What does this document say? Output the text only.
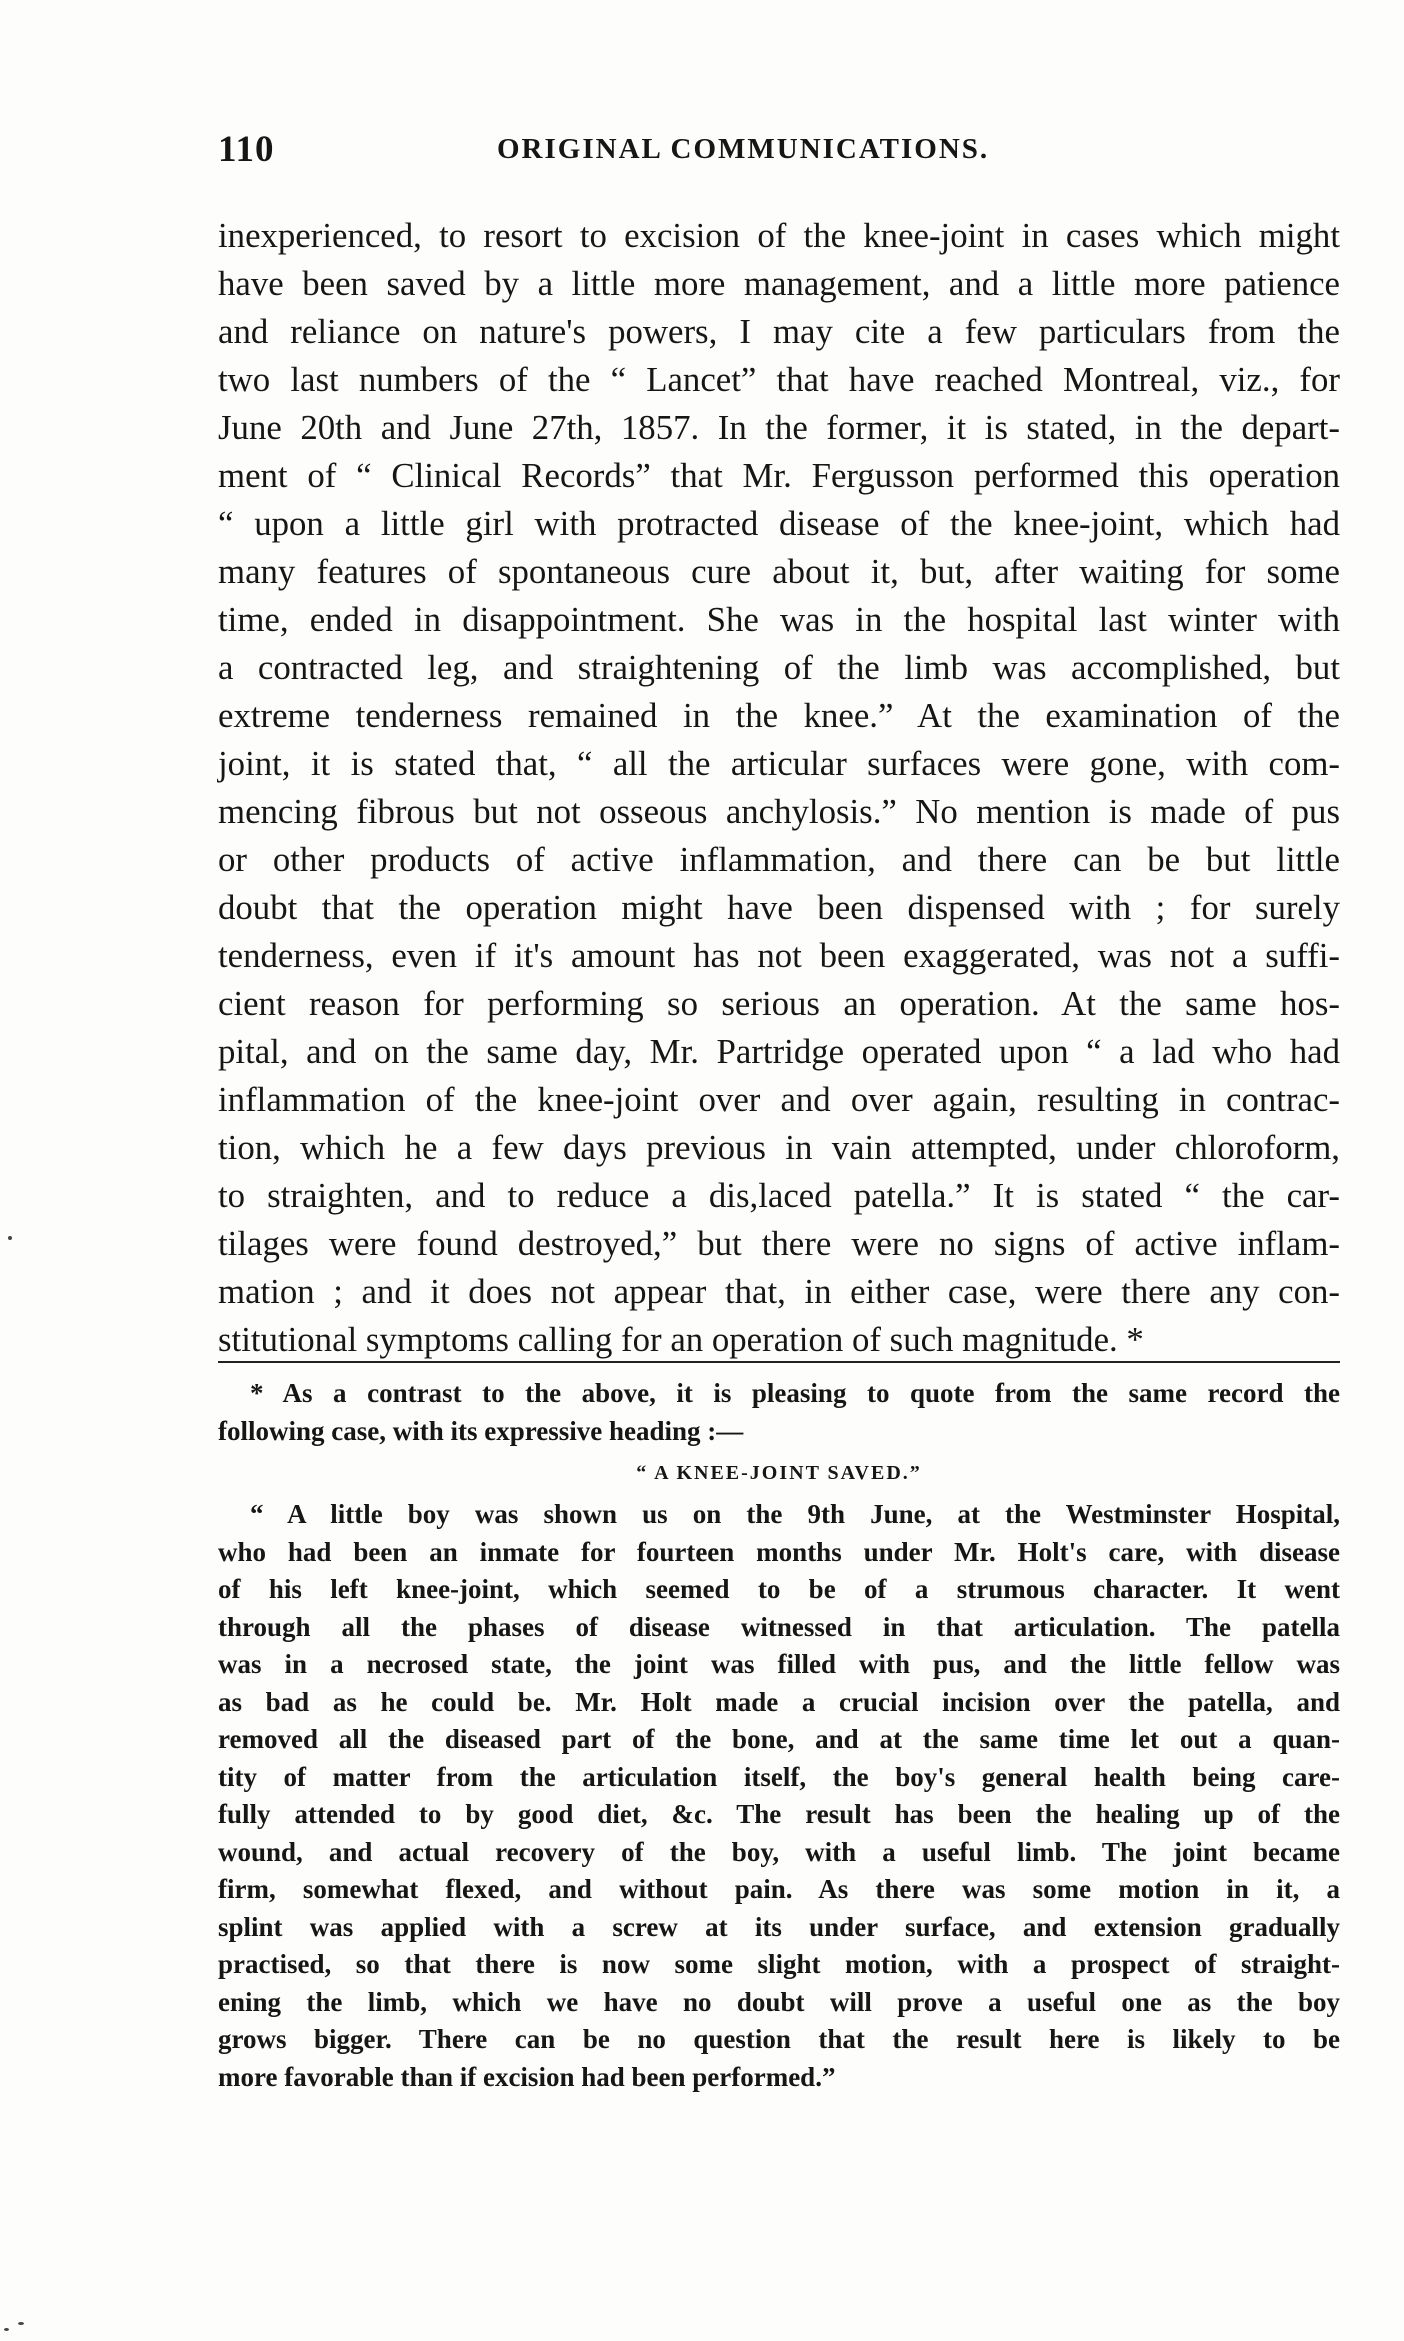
110	ORIGINAL COMMUNICATIONS.
inexperienced, to resort to excision of the knee-joint in cases which might
have been saved by a little more management, and a little more patience
and reliance on nature's powers, I may cite a few particulars from the
two last numbers of the “ Lancet” that have reached Montreal, viz., for
June 20th and June 27th, 1857. In the former, it is stated, in the depart-
ment of “ Clinical Records” that Mr. Fergusson performed this operation
“ upon a little girl with protracted disease of the knee-joint, which had
many features of spontaneous cure about it, but, after waiting for some
time, ended in disappointment. She was in the hospital last winter with
a contracted leg, and straightening of the limb was accomplished, but
extreme tenderness remained in the knee.” At the examination of the
joint, it is stated that, “ all the articular surfaces were gone, with com-
mencing fibrous but not osseous anchylosis.” No mention is made of pus
or other products of active inflammation, and there can be but little
doubt that the operation might have been dispensed with ; for surely
tenderness, even if it's amount has not been exaggerated, was not a suffi-
cient reason for performing so serious an operation. At the same hos-
pital, and on the same day, Mr. Partridge operated upon “ a lad who had
inflammation of the knee-joint over and over again, resulting in contrac-
tion, which he a few days previous in vain attempted, under chloroform,
to straighten, and to reduce a dis,laced patella.” It is stated “ the car-
tilages were found destroyed,” but there were no signs of active inflam-
mation ; and it does not appear that, in either case, were there any con-
stitutional symptoms calling for an operation of such magnitude. *
* As a contrast to the above, it is pleasing to quote from the same record the
following case, with its expressive heading :—
“ A KNEE-JOINT SAVED.”
“ A little boy was shown us on the 9th June, at the Westminster Hospital,
who had been an inmate for fourteen months under Mr. Holt's care, with disease
of his left knee-joint, which seemed to be of a strumous character. It went
through all the phases of disease witnessed in that articulation. The patella
was in a necrosed state, the joint was filled with pus, and the little fellow was
as bad as he could be. Mr. Holt made a crucial incision over the patella, and
removed all the diseased part of the bone, and at the same time let out a quan-
tity of matter from the articulation itself, the boy's general health being care-
fully attended to by good diet, &c. The result has been the healing up of the
wound, and actual recovery of the boy, with a useful limb. The joint became
firm, somewhat flexed, and without pain. As there was some motion in it, a
splint was applied with a screw at its under surface, and extension gradually
practised, so that there is now some slight motion, with a prospect of straight-
ening the limb, which we have no doubt will prove a useful one as the boy
grows bigger. There can be no question that the result here is likely to be
more favorable than if excision had been performed.”
